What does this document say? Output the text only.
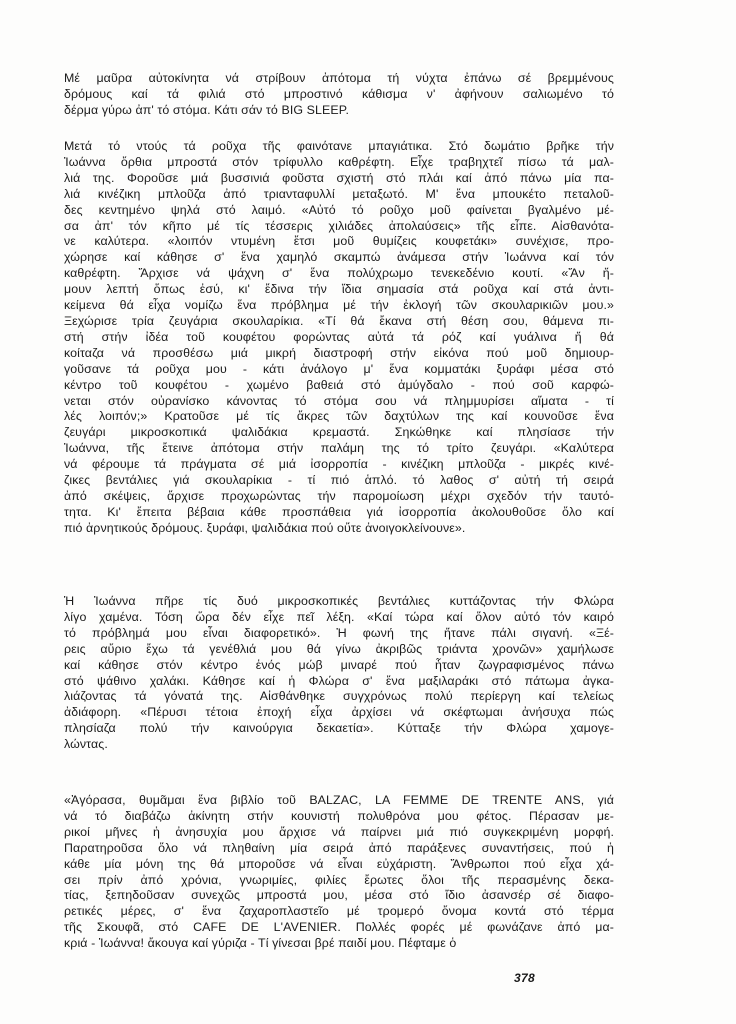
Μέ μαῦρα αὐτοκίνητα νά στρίβουν ἀπότομα τή νύχτα ἐπάνω σέ βρεμμένους
δρόμους καί τά φιλιά στό μπροστινό κάθισμα ν' ἀφήνουν σαλιωμένο τό
δέρμα γύρω ἀπ' τό στόμα. Κάτι σάν τό BIG SLEEP.
Μετά τό ντούς τά ροῦχα τῆς φαινότανε μπαγιάτικα. Στό δωμάτιο βρῆκε τήν
Ἰωάννα ὄρθια μπροστά στόν τρίφυλλο καθρέφτη. Εἶχε τραβηχτεῖ πίσω τά μαλ-
λιά της. Φοροῦσε μιά βυσσινιά φοῦστα σχιστή στό πλάι καί ἀπό πάνω μία πα-
λιά κινέζικη μπλοῦζα ἀπό τριανταφυλλί μεταξωτό. Μ' ἕνα μπουκέτο πεταλοῦ-
δες κεντημένο ψηλά στό λαιμό. «Αὐτό τό ροῦχο μοῦ φαίνεται βγαλμένο μέ-
σα ἀπ' τόν κῆπο μέ τίς τέσσερις χιλιάδες ἀπολαύσεις» τῆς εἶπε. Αἰσθανότα-
νε καλύτερα. «λοιπόν ντυμένη ἔτσι μοῦ θυμίζεις κουφετάκι» συνέχισε, προ-
χώρησε καί κάθησε σ' ἕνα χαμηλό σκαμπώ ἀνάμεσα στήν Ἰωάννα καί τόν
καθρέφτη. Ἄρχισε νά ψάχνη σ' ἕνα πολύχρωμο τενεκεδένιο κουτί. «Ἄν ἤ-
μουν λεπτή ὅπως ἐσύ, κι' ἔδινα τήν ἴδια σημασία στά ροῦχα καί στά ἀντι-
κείμενα θά εἶχα νομίζω ἕνα πρόβλημα μέ τήν ἐκλογή τῶν σκουλαρικιῶν μου.»
Ξεχώρισε τρία ζευγάρια σκουλαρίκια. «Τί θά ἔκανα στή θέση σου, θάμενα πι-
στή στήν ἰδέα τοῦ κουφέτου φορώντας αὐτά τά ρόζ καί γυάλινα ἤ θά
κοίταζα νά προσθέσω μιά μικρή διαστροφή στήν εἰκόνα πού μοῦ δημιουρ-
γοῦσανε τά ροῦχα μου - κάτι ἀνάλογο μ' ἕνα κομματάκι ξυράφι μέσα στό
κέντρο τοῦ κουφέτου - χωμένο βαθειά στό ἀμύγδαλο - πού σοῦ καρφώ-
νεται στόν οὐρανίσκο κάνοντας τό στόμα σου νά πλημμυρίσει αἵματα - τί
λές λοιπόν;» Κρατοῦσε μέ τίς ἄκρες τῶν δαχτύλων της καί κουνοῦσε ἕνα
ζευγάρι μικροσκοπικά ψαλιδάκια κρεμαστά. Σηκώθηκε καί πλησίασε τήν
Ἰωάννα, τῆς ἔτεινε ἀπότομα στήν παλάμη της τό τρίτο ζευγάρι. «Καλύτερα
νά φέρουμε τά πράγματα σέ μιά ἰσορροπία - κινέζικη μπλοῦζα - μικρές κινέ-
ζικες βεντάλιες γιά σκουλαρίκια - τί πιό ἁπλό. τό λαθος σ' αὐτή τή σειρά
ἀπό σκέψεις, ἄρχισε προχωρώντας τήν παρομοίωση μέχρι σχεδόν τήν ταυτό-
τητα. Κι' ἔπειτα βέβαια κάθε προσπάθεια γιά ἰσορροπία ἀκολουθοῦσε ὅλο καί
πιό ἀρνητικούς δρόμους. ξυράφι, ψαλιδάκια πού οὔτε ἀνοιγοκλείνουνε».
Ἡ Ἰωάννα πῆρε τίς δυό μικροσκοπικές βεντάλιες κυττάζοντας τήν Φλώρα
λίγο χαμένα. Τόση ὥρα δέν εἶχε πεῖ λέξη. «Καί τώρα καί ὅλον αὐτό τόν καιρό
τό πρόβλημά μου εἶναι διαφορετικό». Ἡ φωνή της ἤτανε πάλι σιγανή. «Ξέ-
ρεις αὔριο ἔχω τά γενέθλιά μου θά γίνω ἀκριβῶς τριάντα χρονῶν» χαμήλωσε
καί κάθησε στόν κέντρο ἑνός μώβ μιναρέ πού ἦταν ζωγραφισμένος πάνω
στό ψάθινο χαλάκι. Κάθησε καί ἡ Φλώρα σ' ἕνα μαξιλαράκι στό πάτωμα ἀγκα-
λιάζοντας τά γόνατά της. Αἰσθάνθηκε συγχρόνως πολύ περίεργη καί τελείως
ἀδιάφορη. «Πέρυσι τέτοια ἐποχή εἶχα ἀρχίσει νά σκέφτωμαι ἀνήσυχα πώς
πλησίαζα πολύ τήν καινούργια δεκαετία». Κύτταξε τήν Φλώρα χαμογε-
λώντας.
«Ἀγόρασα, θυμᾶμαι ἕνα βιβλίο τοῦ BALZAC, LA FEMME DE TRENTE ANS, γιά
νά τό διαβάζω ἀκίνητη στήν κουνιστή πολυθρόνα μου φέτος. Πέρασαν με-
ρικοί μῆνες ἡ ἀνησυχία μου ἄρχισε νά παίρνει μιά πιό συγκεκριμένη μορφή.
Παρατηροῦσα ὅλο νά πληθαίνη μία σειρά ἀπό παράξενες συναντήσεις, πού ἡ
κάθε μία μόνη της θά μποροῦσε νά εἶναι εὐχάριστη. Ἄνθρωποι πού εἶχα χά-
σει πρίν ἀπό χρόνια, γνωριμίες, φιλίες ἔρωτες ὅλοι τῆς περασμένης δεκα-
τίας, ξεπηδοῦσαν συνεχῶς μπροστά μου, μέσα στό ἴδιο ἀσανσέρ σέ διαφο-
ρετικές μέρες, σ' ἕνα ζαχαροπλαστεῖο μέ τρομερό ὄνομα κοντά στό τέρμα
τῆς Σκουφᾶ, στό CAFE DE L'AVENIER. Πολλές φορές μέ φωνάζανε ἀπό μα-
κριά - Ἰωάννα! ἄκουγα καί γύριζα - Τί γίνεσαι βρέ παιδί μου. Πέφταμε ὁ
378
